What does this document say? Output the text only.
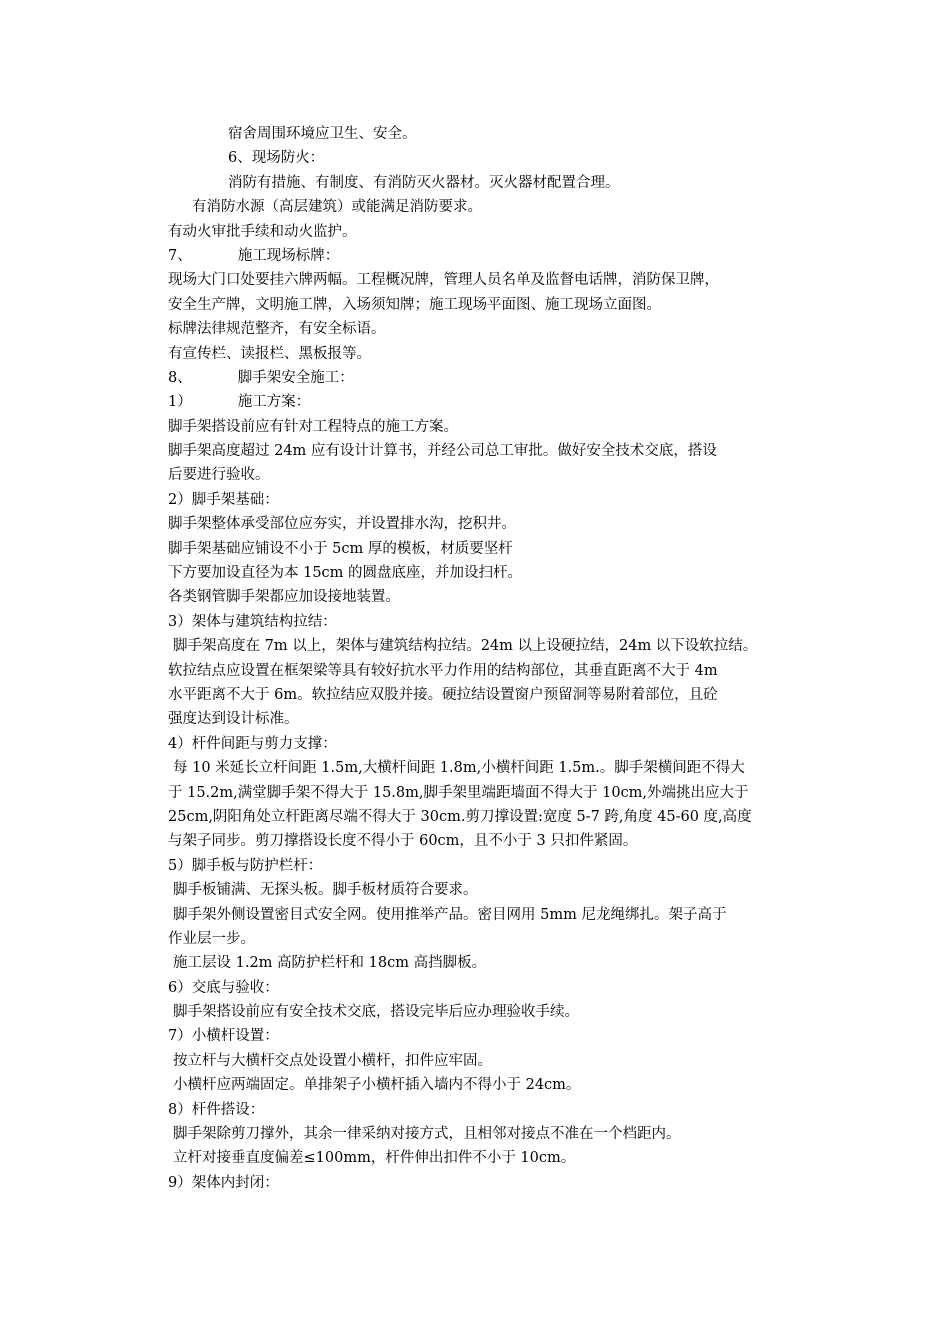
宿舍周围环境应卫生、安全。
6、现场防火：
消防有措施、有制度、有消防灭火器材。灭火器材配置合理。
有消防水源（高层建筑）或能满足消防要求。
有动火审批手续和动火监护。
7、	施工现场标牌：
现场大门口处要挂六牌两幅。工程概况牌，管理人员名单及监督电话牌，消防保卫牌，
安全生产牌，文明施工牌，入场须知牌；施工现场平面图、施工现场立面图。
标牌法律规范整齐，有安全标语。
有宣传栏、读报栏、黑板报等。
8、	脚手架安全施工：
1）	施工方案：
脚手架搭设前应有针对工程特点的施工方案。
脚手架高度超过 24m 应有设计计算书，并经公司总工审批。做好安全技术交底，搭设
后要进行验收。
2）脚手架基础：
脚手架整体承受部位应夯实，并设置排水沟，挖积井。
脚手架基础应铺设不小于 5cm 厚的模板，材质要坚杆
下方要加设直径为本 15cm 的圆盘底座，并加设扫杆。
各类钢管脚手架都应加设接地装置。
3）架体与建筑结构拉结：
脚手架高度在 7m 以上，架体与建筑结构拉结。24m 以上设硬拉结，24m 以下设软拉结。
软拉结点应设置在框架梁等具有较好抗水平力作用的结构部位，其垂直距离不大于 4m
水平距离不大于 6m。软拉结应双股并接。硬拉结设置窗户预留洞等易附着部位，且砼
强度达到设计标准。
4）杆件间距与剪力支撑：
每 10 米延长立杆间距 1.5m,大横杆间距 1.8m,小横杆间距 1.5m.。脚手架横间距不得大
于 15.2m,满堂脚手架不得大于 15.8m,脚手架里端距墙面不得大于 10cm,外端挑出应大于
25cm,阴阳角处立杆距离尽端不得大于 30cm.剪刀撑设置:宽度 5-7 跨,角度 45-60 度,高度
与架子同步。剪刀撑搭设长度不得小于 60cm，且不小于 3 只扣件紧固。
5）脚手板与防护栏杆：
脚手板铺满、无探头板。脚手板材质符合要求。
脚手架外侧设置密目式安全网。使用推举产品。密目网用 5mm 尼龙绳绑扎。架子高于
作业层一步。
施工层设 1.2m 高防护栏杆和 18cm 高挡脚板。
6）交底与验收：
脚手架搭设前应有安全技术交底，搭设完毕后应办理验收手续。
7）小横杆设置：
按立杆与大横杆交点处设置小横杆，扣件应牢固。
小横杆应两端固定。单排架子小横杆插入墙内不得小于 24cm。
8）杆件搭设：
脚手架除剪刀撑外，其余一律采纳对接方式，且相邻对接点不准在一个档距内。
立杆对接垂直度偏差≤100mm，杆件伸出扣件不小于 10cm。
9）架体内封闭：
